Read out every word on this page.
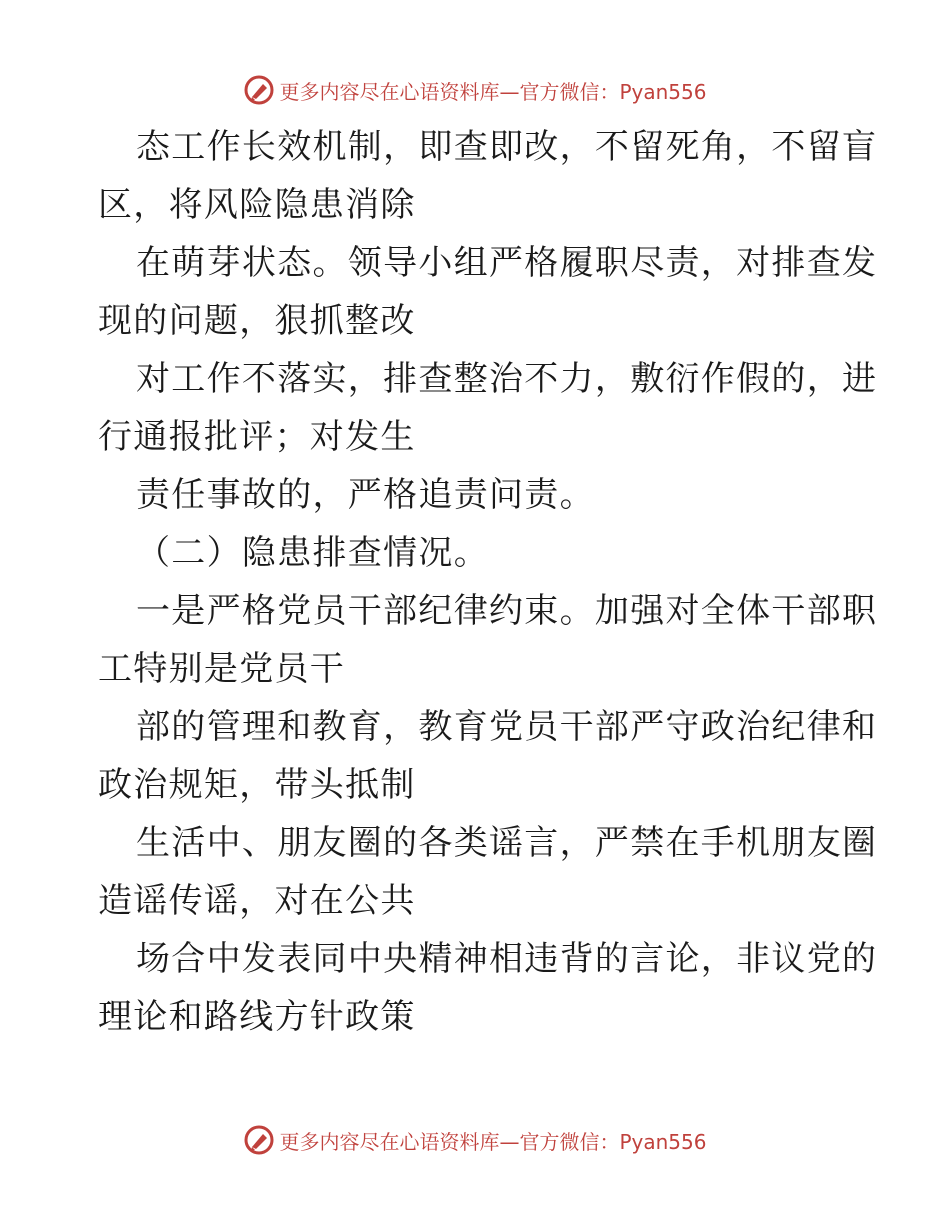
更多内容尽在心语资料库—官方微信：Pyan556
态工作长效机制，即查即改，不留死角，不留盲
区，将风险隐患消除
在萌芽状态。领导小组严格履职尽责，对排查发
现的问题，狠抓整改
对工作不落实，排查整治不力，敷衍作假的，进
行通报批评；对发生
责任事故的，严格追责问责。
（二）隐患排查情况。
一是严格党员干部纪律约束。加强对全体干部职
工特别是党员干
部的管理和教育，教育党员干部严守政治纪律和
政治规矩，带头抵制
生活中、朋友圈的各类谣言，严禁在手机朋友圈
造谣传谣，对在公共
场合中发表同中央精神相违背的言论，非议党的
理论和路线方针政策
更多内容尽在心语资料库—官方微信：Pyan556
